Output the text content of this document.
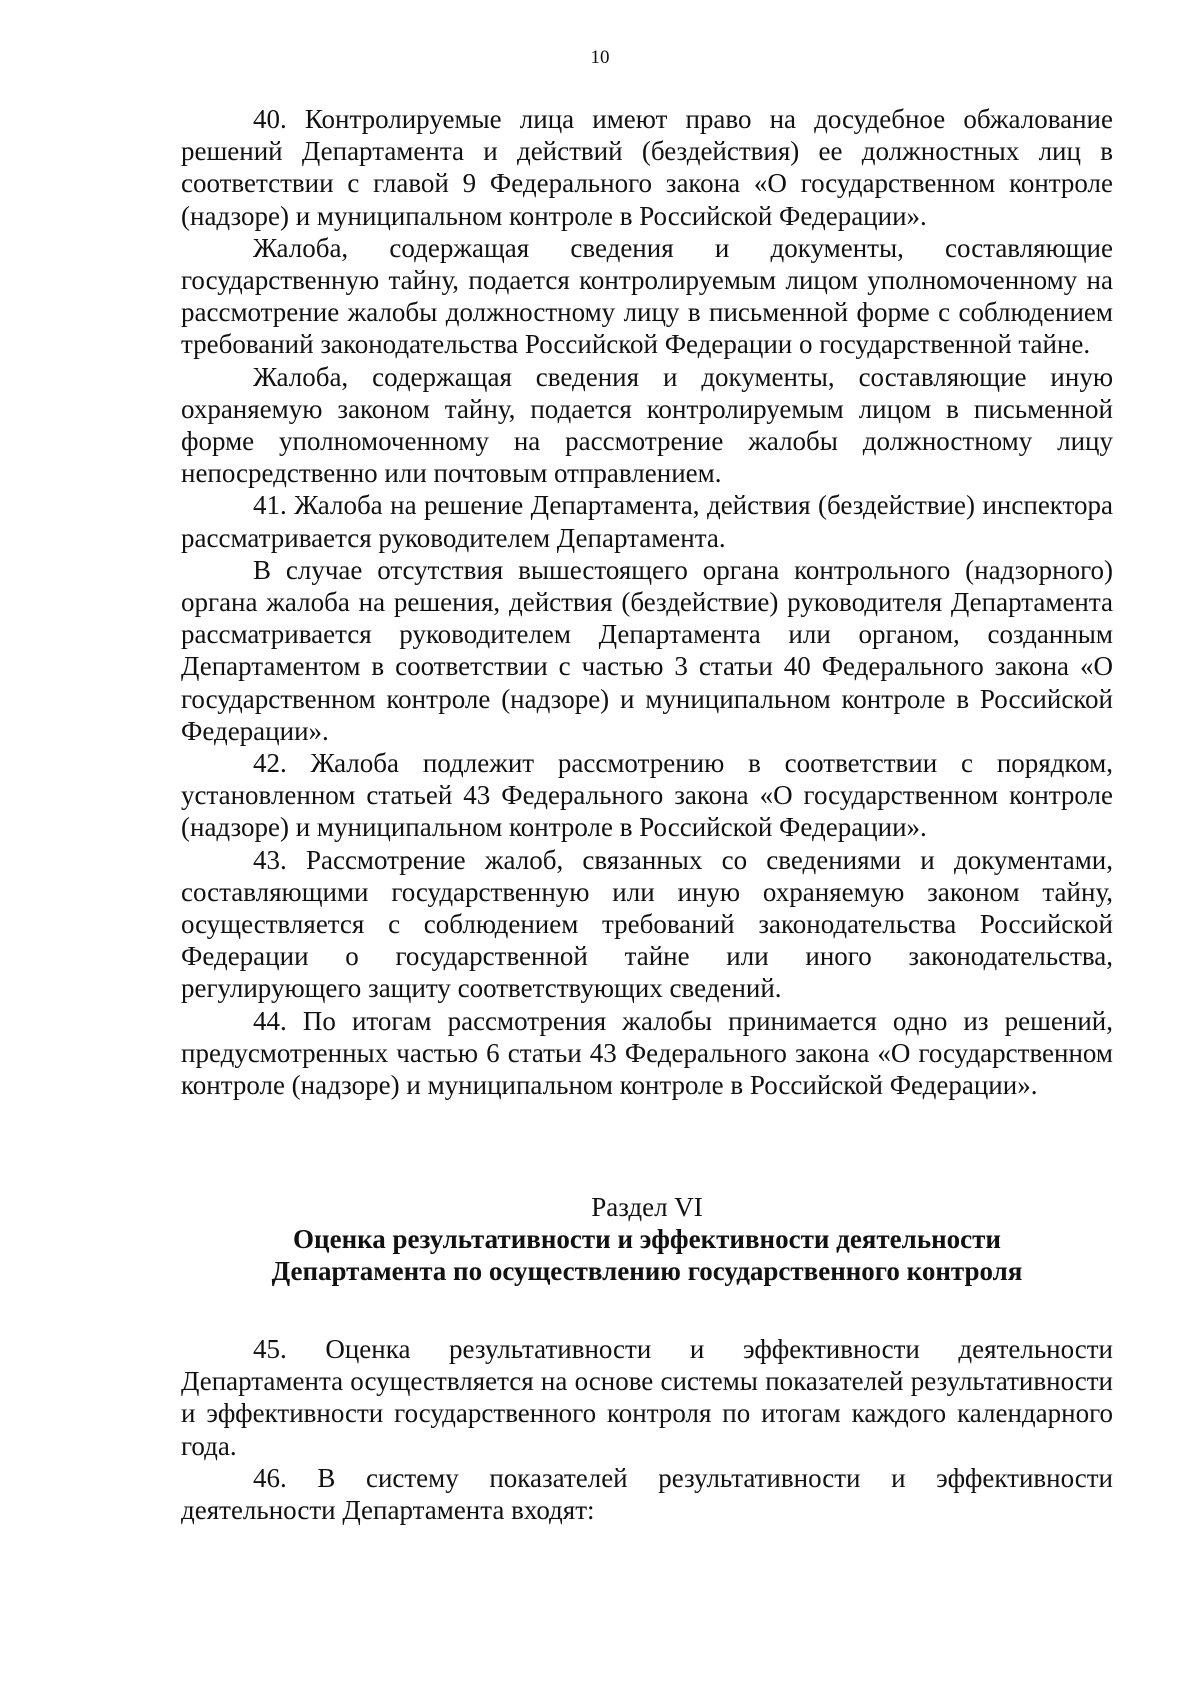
10

40. Контролируемые лица имеют право на досудебное обжалование решений Департамента и действий (бездействия) ее должностных лиц в соответствии с главой 9 Федерального закона «О государственном контроле (надзоре) и муниципальном контроле в Российской Федерации».

Жалоба, содержащая сведения и документы, составляющие государственную тайну, подается контролируемым лицом уполномоченному на рассмотрение жалобы должностному лицу в письменной форме с соблюдением требований законодательства Российской Федерации о государственной тайне.

Жалоба, содержащая сведения и документы, составляющие иную охраняемую законом тайну, подается контролируемым лицом в письменной форме уполномоченному на рассмотрение жалобы должностному лицу непосредственно или почтовым отправлением.

41. Жалоба на решение Департамента, действия (бездействие) инспектора рассматривается руководителем Департамента.

В случае отсутствия вышестоящего органа контрольного (надзорного) органа жалоба на решения, действия (бездействие) руководителя Департамента рассматривается руководителем Департамента или органом, созданным Департаментом в соответствии с частью 3 статьи 40 Федерального закона «О государственном контроле (надзоре) и муниципальном контроле в Российской Федерации».

42. Жалоба подлежит рассмотрению в соответствии с порядком, установленном статьей 43 Федерального закона «О государственном контроле (надзоре) и муниципальном контроле в Российской Федерации».

43. Рассмотрение жалоб, связанных со сведениями и документами, составляющими государственную или иную охраняемую законом тайну, осуществляется с соблюдением требований законодательства Российской Федерации о государственной тайне или иного законодательства, регулирующего защиту соответствующих сведений.

44. По итогам рассмотрения жалобы принимается одно из решений, предусмотренных частью 6 статьи 43 Федерального закона «О государственном контроле (надзоре) и муниципальном контроле в Российской Федерации».

Раздел VI

Оценка результативности и эффективности деятельности

Департамента по осуществлению государственного контроля

45. Оценка результативности и эффективности деятельности Департамента осуществляется на основе системы показателей результативности и эффективности государственного контроля по итогам каждого календарного года.

46. В систему показателей результативности и эффективности деятельности Департамента входят:
